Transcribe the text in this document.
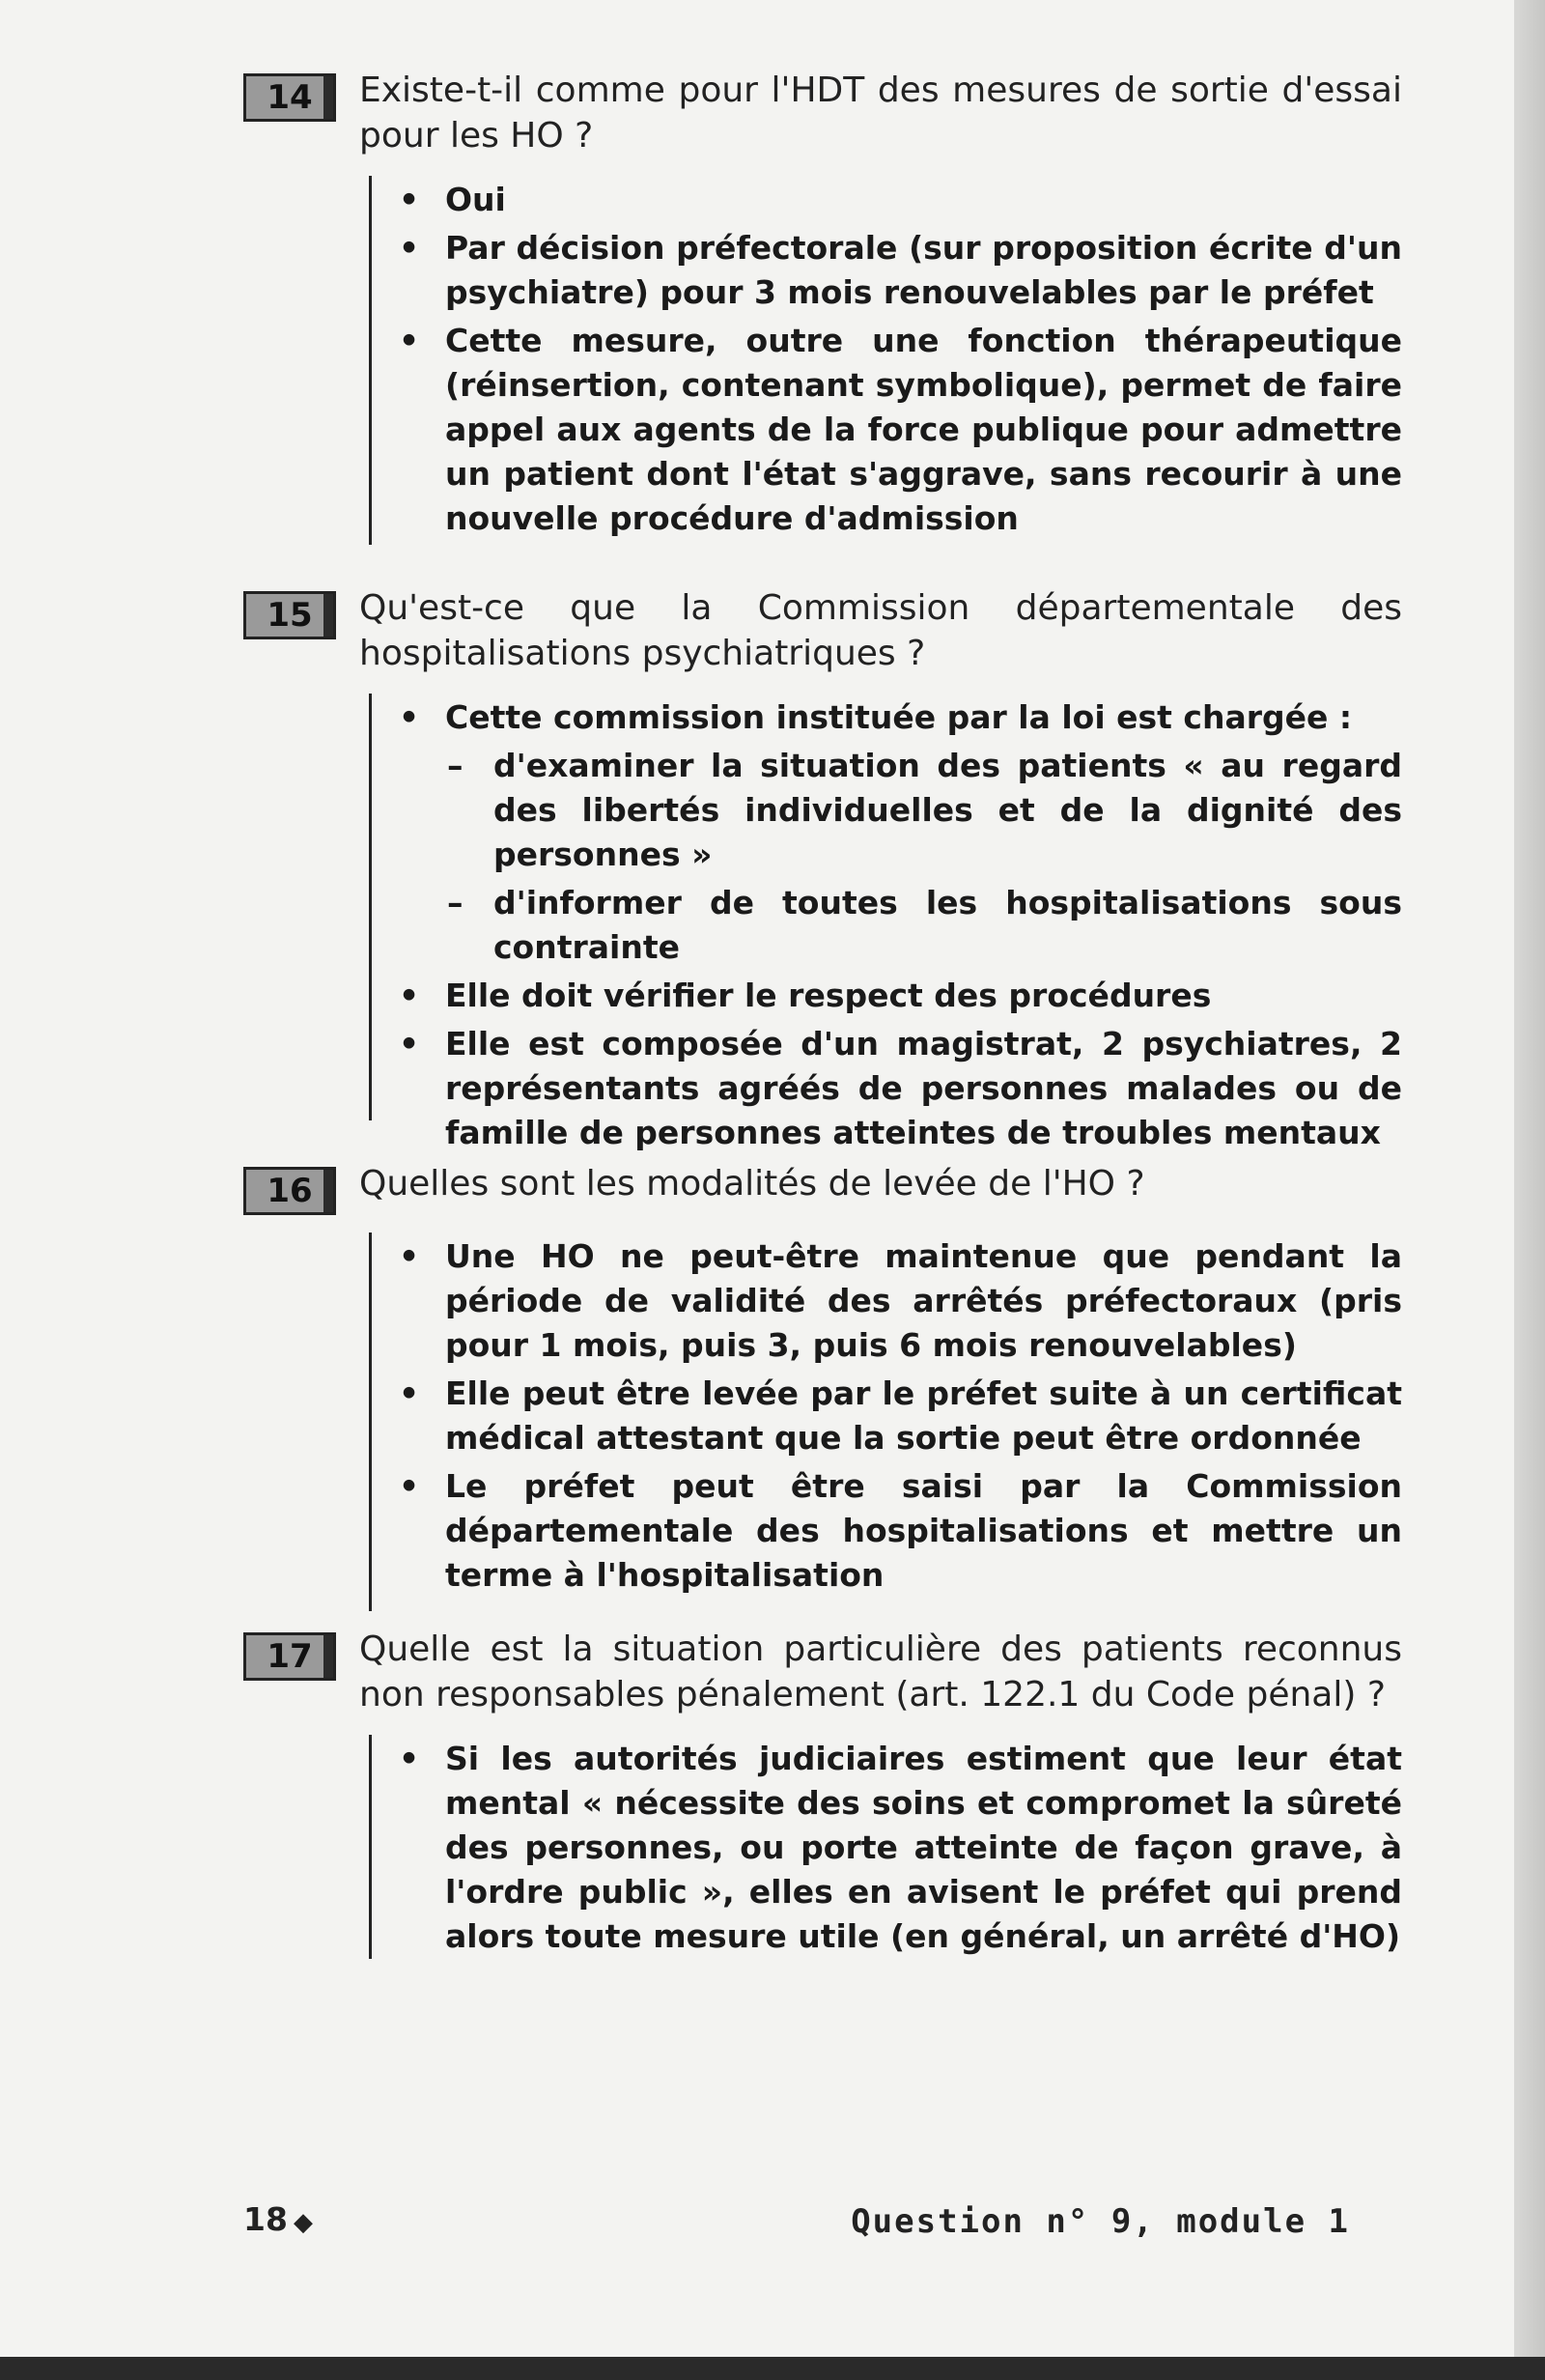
14	Existe-t-il comme pour l'HDT des mesures de sortie d'essai pour les HO ?
• Oui
• Par décision préfectorale (sur proposition écrite d'un psychiatre) pour 3 mois renouvelables par le préfet
• Cette mesure, outre une fonction thérapeutique (réinsertion, contenant symbolique), permet de faire appel aux agents de la force publique pour admettre un patient dont l'état s'aggrave, sans recourir à une nouvelle procédure d'admission
15	Qu'est-ce que la Commission départementale des hospitalisations psychiatriques ?
• Cette commission instituée par la loi est chargée :
– d'examiner la situation des patients « au regard des libertés individuelles et de la dignité des personnes »
– d'informer de toutes les hospitalisations sous contrainte
• Elle doit vérifier le respect des procédures
• Elle est composée d'un magistrat, 2 psychiatres, 2 représentants agréés de personnes malades ou de famille de personnes atteintes de troubles mentaux
16	Quelles sont les modalités de levée de l'HO ?
• Une HO ne peut-être maintenue que pendant la période de validité des arrêtés préfectoraux (pris pour 1 mois, puis 3, puis 6 mois renouvelables)
• Elle peut être levée par le préfet suite à un certificat médical attestant que la sortie peut être ordonnée
• Le préfet peut être saisi par la Commission départementale des hospitalisations et mettre un terme à l'hospitalisation
17	Quelle est la situation particulière des patients reconnus non responsables pénalement (art. 122.1 du Code pénal) ?
• Si les autorités judiciaires estiment que leur état mental « nécessite des soins et compromet la sûreté des personnes, ou porte atteinte de façon grave, à l'ordre public », elles en avisent le préfet qui prend alors toute mesure utile (en général, un arrêté d'HO)
18 ◆	Question n° 9, module 1
